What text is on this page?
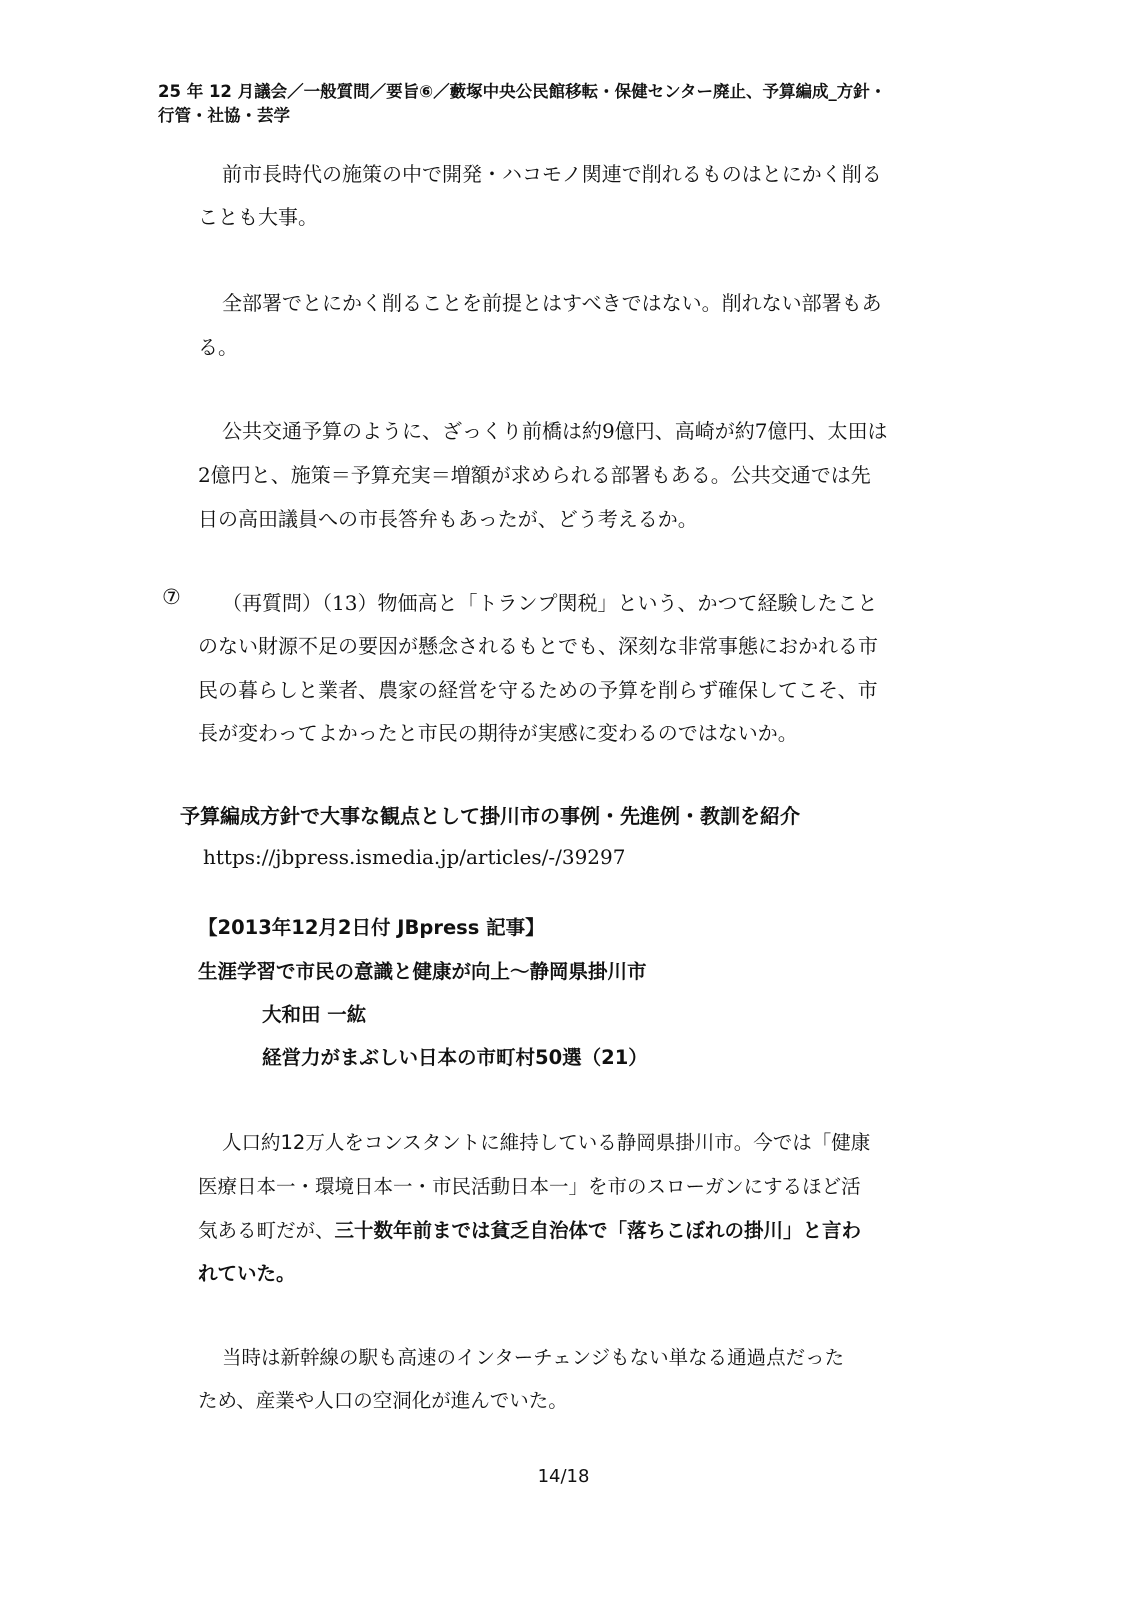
25 年 12 月議会／一般質問／要旨⑥／藪塚中央公民館移転・保健センター廃止、予算編成_方針・
行管・社協・芸学
前市長時代の施策の中で開発・ハコモノ関連で削れるものはとにかく削る
ことも大事。
全部署でとにかく削ることを前提とはすべきではない。削れない部署もあ
る。
公共交通予算のように、ざっくり前橋は約9億円、高崎が約7億円、太田は
2億円と、施策＝予算充実＝増額が求められる部署もある。公共交通では先
日の高田議員への市長答弁もあったが、どう考えるか。
⑦ （再質問）（13）物価高と「トランプ関税」という、かつて経験したこと
のない財源不足の要因が懸念されるもとでも、深刻な非常事態におかれる市
民の暮らしと業者、農家の経営を守るための予算を削らず確保してこそ、市
長が変わってよかったと市民の期待が実感に変わるのではないか。
予算編成方針で大事な観点として掛川市の事例・先進例・教訓を紹介
https://jbpress.ismedia.jp/articles/-/39297
【2013年12月2日付 JBpress 記事】
生涯学習で市民の意識と健康が向上～静岡県掛川市
大和田 一紘
経営力がまぶしい日本の市町村50選（21）
人口約12万人をコンスタントに維持している静岡県掛川市。今では「健康
医療日本一・環境日本一・市民活動日本一」を市のスローガンにするほど活
気ある町だが、三十数年前までは貧乏自治体で「落ちこぼれの掛川」と言わ
れていた。
当時は新幹線の駅も高速のインターチェンジもない単なる通過点だった
ため、産業や人口の空洞化が進んでいた。
14/18
